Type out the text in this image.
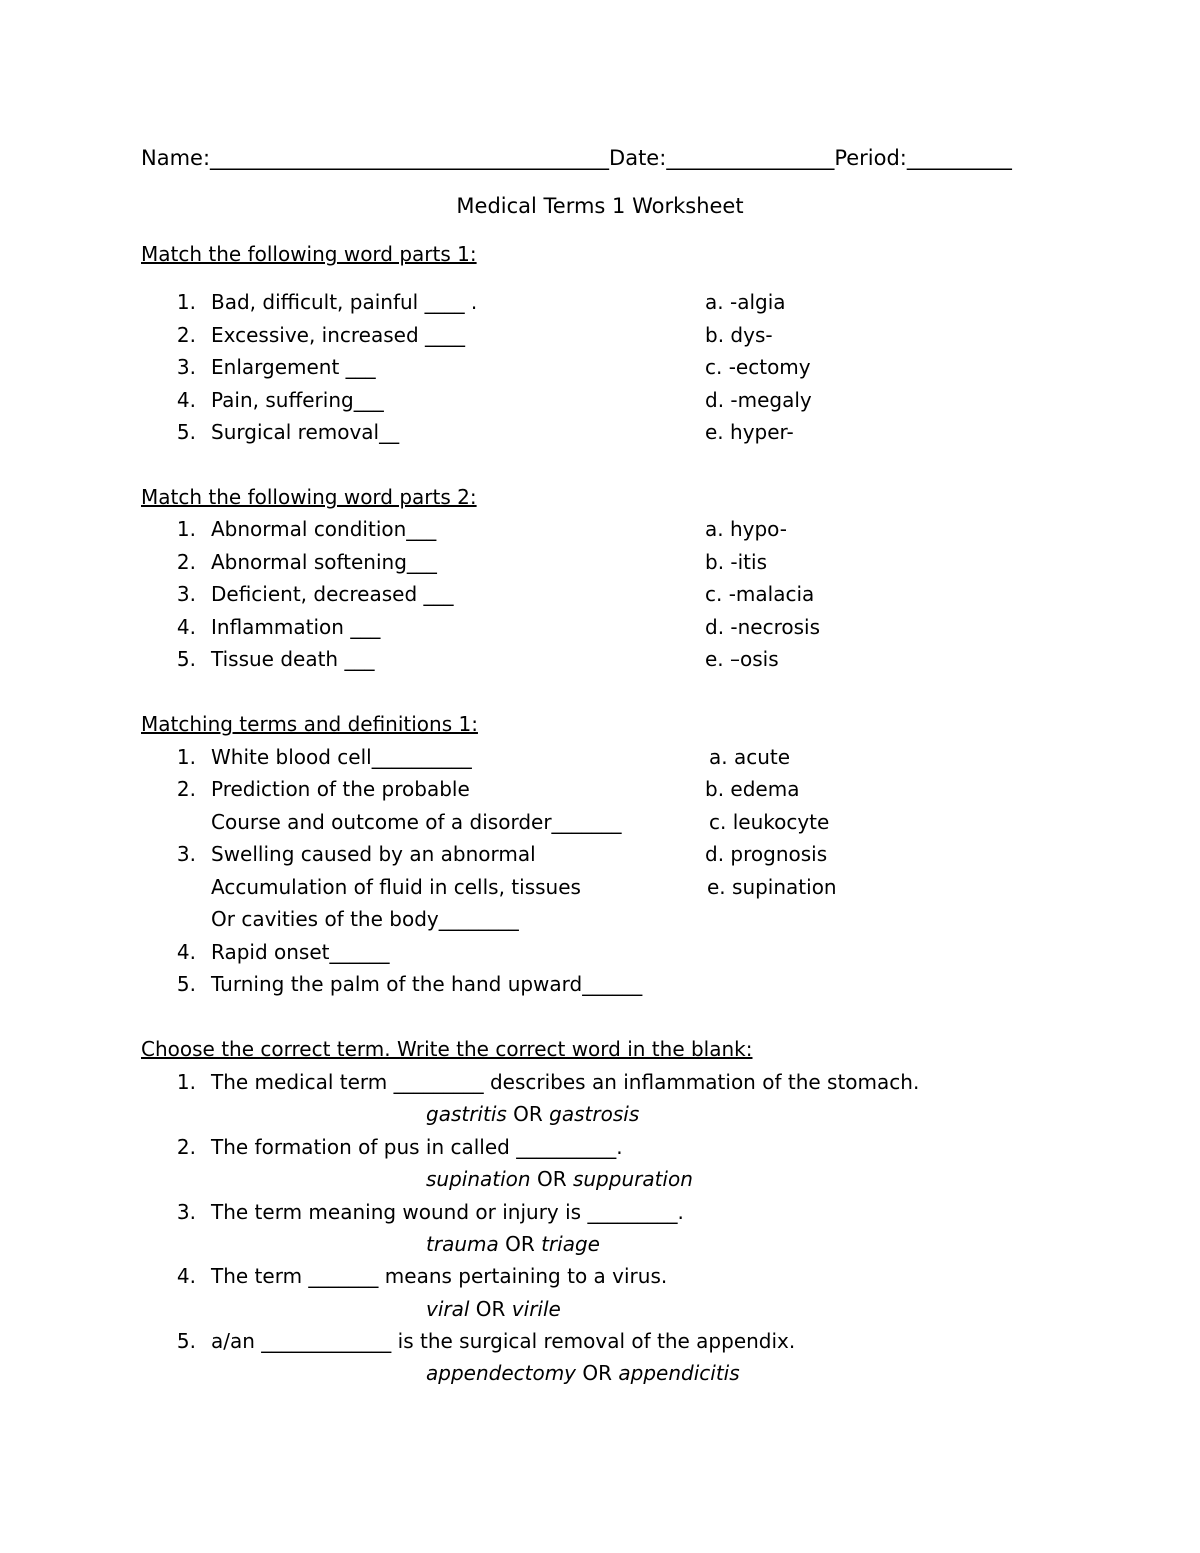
Name:______________________________________Date:________________Period:__________
Medical Terms 1 Worksheet
Match the following word parts 1:
1. Bad, difficult, painful ____ .	a. -algia
2. Excessive, increased ____	b. dys-
3. Enlargement ___	c. -ectomy
4. Pain, suffering___	d. -megaly
5. Surgical removal__	e. hyper-
Match the following word parts 2:
1. Abnormal condition___	a. hypo-
2. Abnormal softening___	b. -itis
3. Deficient, decreased ___	c. -malacia
4. Inflammation ___	d. -necrosis
5. Tissue death ___	e. –osis
Matching terms and definitions 1:
1. White blood cell__________	a. acute
2. Prediction of the probable	b. edema
Course and outcome of a disorder_______	c. leukocyte
3. Swelling caused by an abnormal	d. prognosis
Accumulation of fluid in cells, tissues	e. supination
Or cavities of the body________
4. Rapid onset______
5. Turning the palm of the hand upward______
Choose the correct term. Write the correct word in the blank:
1. The medical term _________ describes an inflammation of the stomach.
gastritis OR gastrosis
2. The formation of pus in called __________.
supination OR suppuration
3. The term meaning wound or injury is _________.
trauma OR triage
4. The term _______ means pertaining to a virus.
viral OR virile
5. a/an _____________ is the surgical removal of the appendix.
appendectomy OR appendicitis
